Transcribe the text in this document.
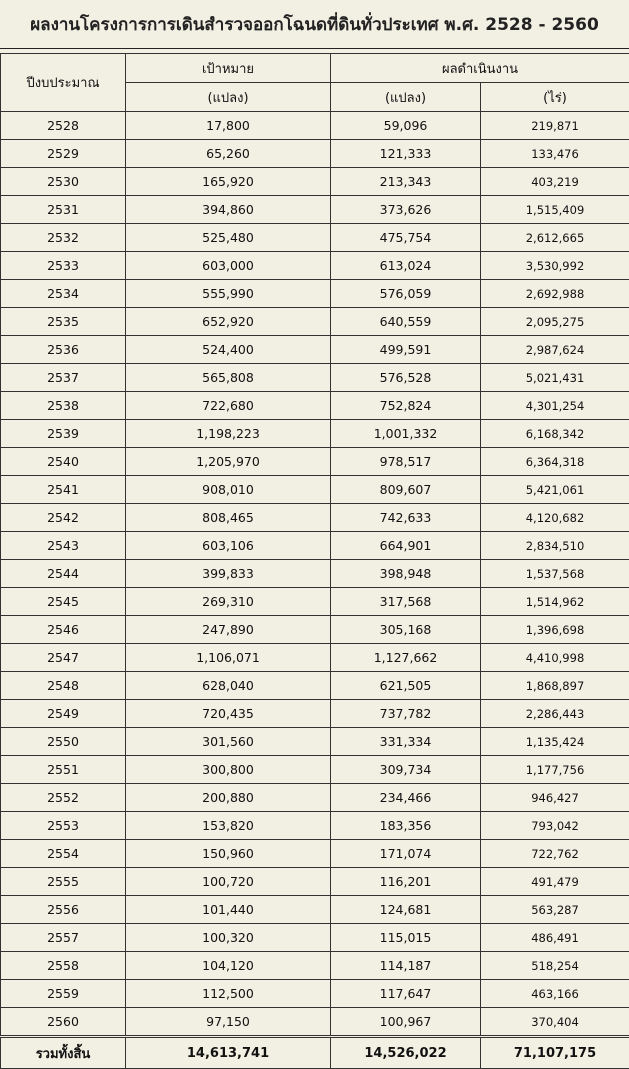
ผลงานโครงการการเดินสำรวจออกโฉนดที่ดินทั่วประเทศ พ.ศ. 2528 - 2560
ปีงบประมาณ	เป้าหมาย	ผลดำเนินงาน	
	(แปลง)	(แปลง)	(ไร่)
2528	17,800	59,096	219,871
2529	65,260	121,333	133,476
2530	165,920	213,343	403,219
2531	394,860	373,626	1,515,409
2532	525,480	475,754	2,612,665
2533	603,000	613,024	3,530,992
2534	555,990	576,059	2,692,988
2535	652,920	640,559	2,095,275
2536	524,400	499,591	2,987,624
2537	565,808	576,528	5,021,431
2538	722,680	752,824	4,301,254
2539	1,198,223	1,001,332	6,168,342
2540	1,205,970	978,517	6,364,318
2541	908,010	809,607	5,421,061
2542	808,465	742,633	4,120,682
2543	603,106	664,901	2,834,510
2544	399,833	398,948	1,537,568
2545	269,310	317,568	1,514,962
2546	247,890	305,168	1,396,698
2547	1,106,071	1,127,662	4,410,998
2548	628,040	621,505	1,868,897
2549	720,435	737,782	2,286,443
2550	301,560	331,334	1,135,424
2551	300,800	309,734	1,177,756
2552	200,880	234,466	946,427
2553	153,820	183,356	793,042
2554	150,960	171,074	722,762
2555	100,720	116,201	491,479
2556	101,440	124,681	563,287
2557	100,320	115,015	486,491
2558	104,120	114,187	518,254
2559	112,500	117,647	463,166
2560	97,150	100,967	370,404
รวมทั้งสิ้น	14,613,741	14,526,022	71,107,175
